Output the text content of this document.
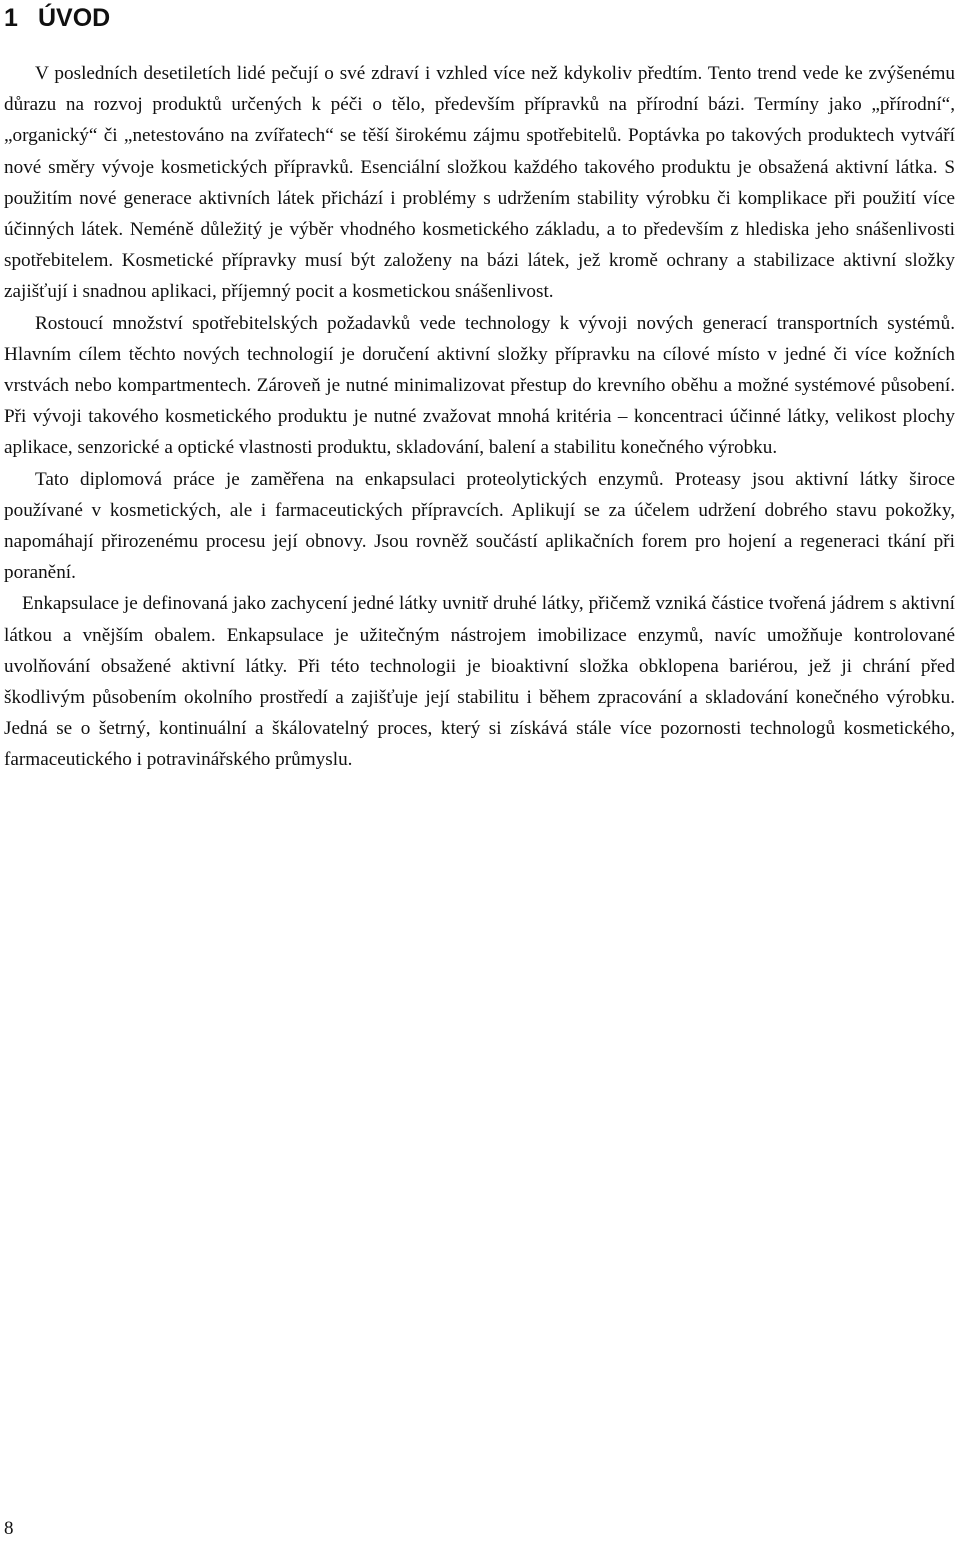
1 ÚVOD

V posledních desetiletích lidé pečují o své zdraví i vzhled více než kdykoliv předtím. Tento trend vede ke zvýšenému důrazu na rozvoj produktů určených k péči o tělo, především přípravků na přírodní bázi. Termíny jako „přírodní“, „organický“ či „netestováno na zvířatech“ se těší širokému zájmu spotřebitelů. Poptávka po takových produktech vytváří nové směry vývoje kosmetických přípravků. Esenciální složkou každého takového produktu je obsažená aktivní látka. S použitím nové generace aktivních látek přichází i problémy s udržením stability výrobku či komplikace při použití více účinných látek. Neméně důležitý je výběr vhodného kosmetického základu, a to především z hlediska jeho snášenlivosti spotřebitelem. Kosmetické přípravky musí být založeny na bázi látek, jež kromě ochrany a stabilizace aktivní složky zajišťují i snadnou aplikaci, příjemný pocit a kosmetickou snášenlivost.

Rostoucí množství spotřebitelských požadavků vede technology k vývoji nových generací transportních systémů. Hlavním cílem těchto nových technologií je doručení aktivní složky přípravku na cílové místo v jedné či více kožních vrstvách nebo kompartmentech. Zároveň je nutné minimalizovat přestup do krevního oběhu a možné systémové působení. Při vývoji takového kosmetického produktu je nutné zvažovat mnohá kritéria – koncentraci účinné látky, velikost plochy aplikace, senzorické a optické vlastnosti produktu, skladování, balení a stabilitu konečného výrobku.

Tato diplomová práce je zaměřena na enkapsulaci proteolytických enzymů. Proteasy jsou aktivní látky široce používané v kosmetických, ale i farmaceutických přípravcích. Aplikují se za účelem udržení dobrého stavu pokožky, napomáhají přirozenému procesu její obnovy. Jsou rovněž součástí aplikačních forem pro hojení a regeneraci tkání při poranění.

Enkapsulace je definovaná jako zachycení jedné látky uvnitř druhé látky, přičemž vzniká částice tvořená jádrem s aktivní látkou a vnějším obalem. Enkapsulace je užitečným nástrojem imobilizace enzymů, navíc umožňuje kontrolované uvolňování obsažené aktivní látky. Při této technologii je bioaktivní složka obklopena bariérou, jež ji chrání před škodlivým působením okolního prostředí a zajišťuje její stabilitu i během zpracování a skladování konečného výrobku. Jedná se o šetrný, kontinuální a škálovatelný proces, který si získává stále více pozornosti technologů kosmetického, farmaceutického i potravinářského průmyslu.

8
